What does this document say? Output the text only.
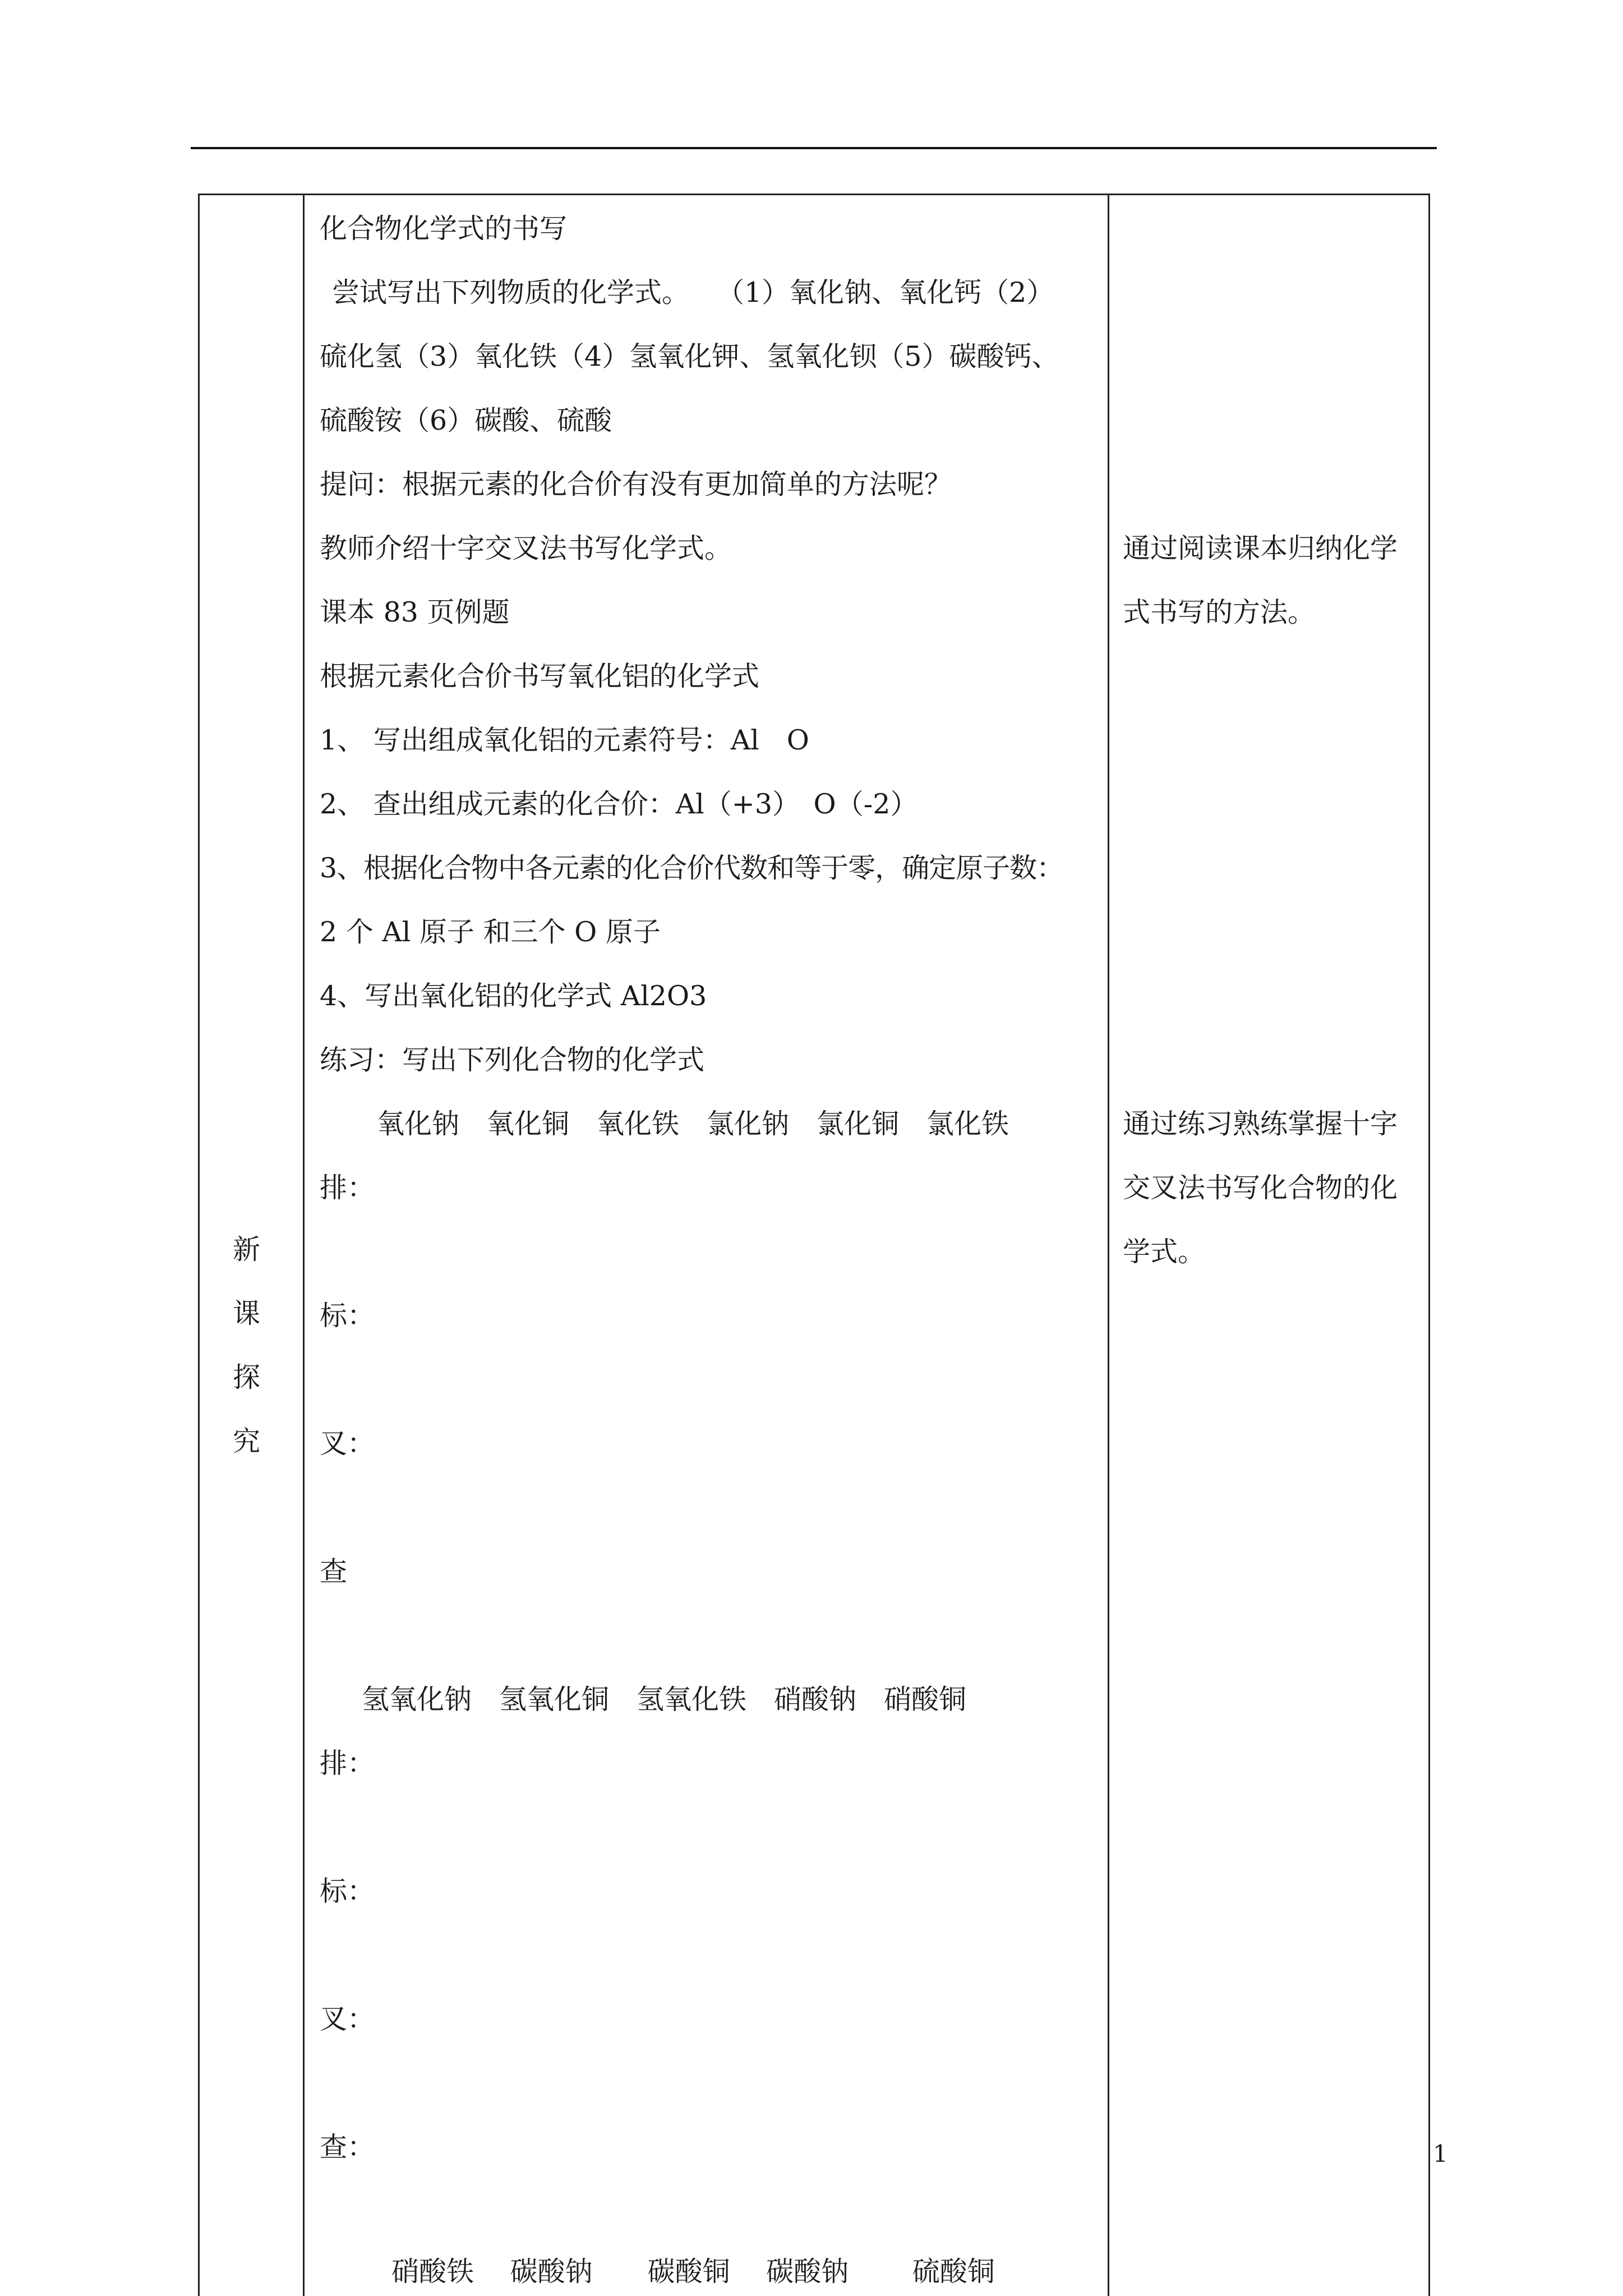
新
课
探
究
化合物化学式的书写
尝试写出下列物质的化学式。　　（1）氧化钠、氧化钙（2）
硫化氢（3）氧化铁（4）氢氧化钾、氢氧化钡（5）碳酸钙、
硫酸铵（6）碳酸、硫酸
提问：根据元素的化合价有没有更加简单的方法呢？
教师介绍十字交叉法书写化学式。
课本 83 页例题
根据元素化合价书写氧化铝的化学式
1、 写出组成氧化铝的元素符号：Al　O
2、 查出组成元素的化合价：Al（+3）　O（-2）
3、根据化合物中各元素的化合价代数和等于零，确定原子数：
2 个 Al 原子 和三个 O 原子
4、写出氧化铝的化学式 Al2O3
练习：写出下列化合物的化学式
氧化钠　氧化铜　氧化铁　氯化钠　氯化铜　氯化铁
排：
标：
叉：
查
氢氧化钠　氢氧化铜　氢氧化铁　硝酸钠　硝酸铜
排：
标：
叉：
查：
硝酸铁　 碳酸钠　　碳酸铜　 碳酸钠　　 硫酸铜
通过阅读课本归纳化学
式书写的方法。
通过练习熟练掌握十字
交叉法书写化合物的化
学式。
1
